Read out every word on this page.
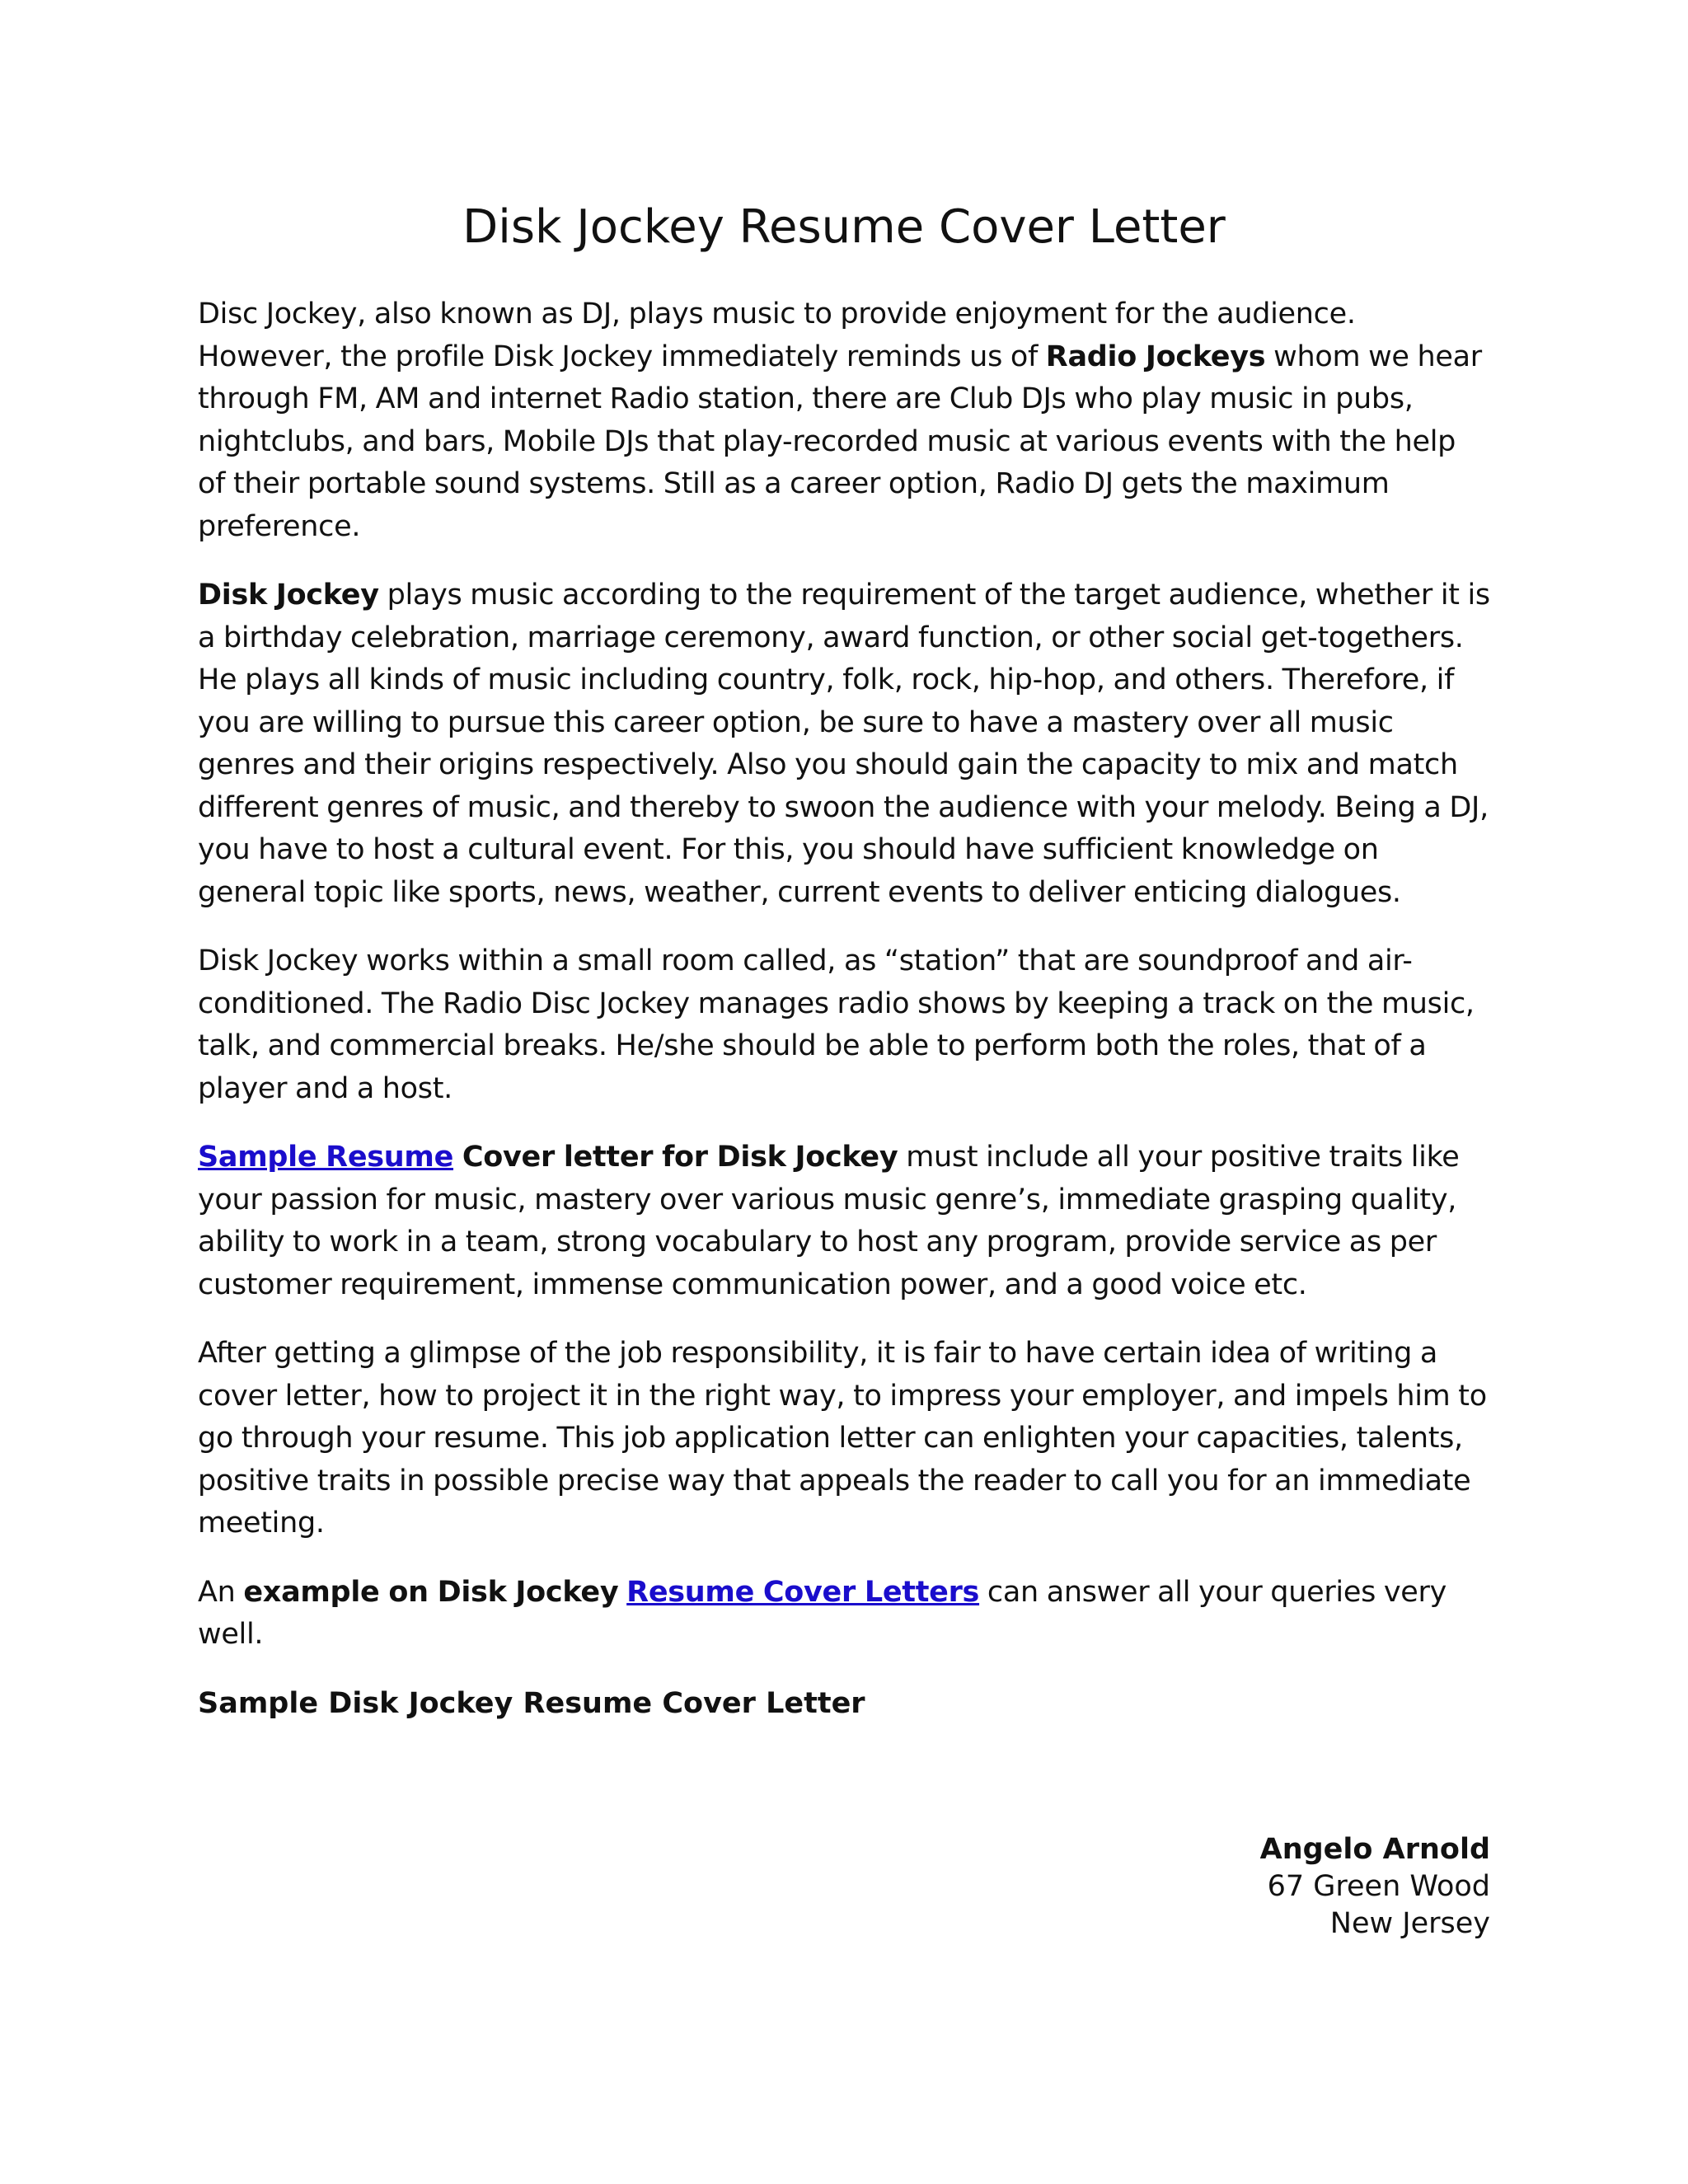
Disk Jockey Resume Cover Letter

Disc Jockey, also known as DJ, plays music to provide enjoyment for the audience. However, the profile Disk Jockey immediately reminds us of Radio Jockeys whom we hear through FM, AM and internet Radio station, there are Club DJs who play music in pubs, nightclubs, and bars, Mobile DJs that play-recorded music at various events with the help of their portable sound systems. Still as a career option, Radio DJ gets the maximum preference.

Disk Jockey plays music according to the requirement of the target audience, whether it is a birthday celebration, marriage ceremony, award function, or other social get-togethers. He plays all kinds of music including country, folk, rock, hip-hop, and others. Therefore, if you are willing to pursue this career option, be sure to have a mastery over all music genres and their origins respectively. Also you should gain the capacity to mix and match different genres of music, and thereby to swoon the audience with your melody. Being a DJ, you have to host a cultural event. For this, you should have sufficient knowledge on general topic like sports, news, weather, current events to deliver enticing dialogues.

Disk Jockey works within a small room called, as “station” that are soundproof and air-conditioned. The Radio Disc Jockey manages radio shows by keeping a track on the music, talk, and commercial breaks. He/she should be able to perform both the roles, that of a player and a host.

Sample Resume Cover letter for Disk Jockey must include all your positive traits like your passion for music, mastery over various music genre’s, immediate grasping quality, ability to work in a team, strong vocabulary to host any program, provide service as per customer requirement, immense communication power, and a good voice etc.

After getting a glimpse of the job responsibility, it is fair to have certain idea of writing a cover letter, how to project it in the right way, to impress your employer, and impels him to go through your resume. This job application letter can enlighten your capacities, talents, positive traits in possible precise way that appeals the reader to call you for an immediate meeting.

An example on Disk Jockey Resume Cover Letters can answer all your queries very well.

Sample Disk Jockey Resume Cover Letter

Angelo Arnold
67 Green Wood
New Jersey
